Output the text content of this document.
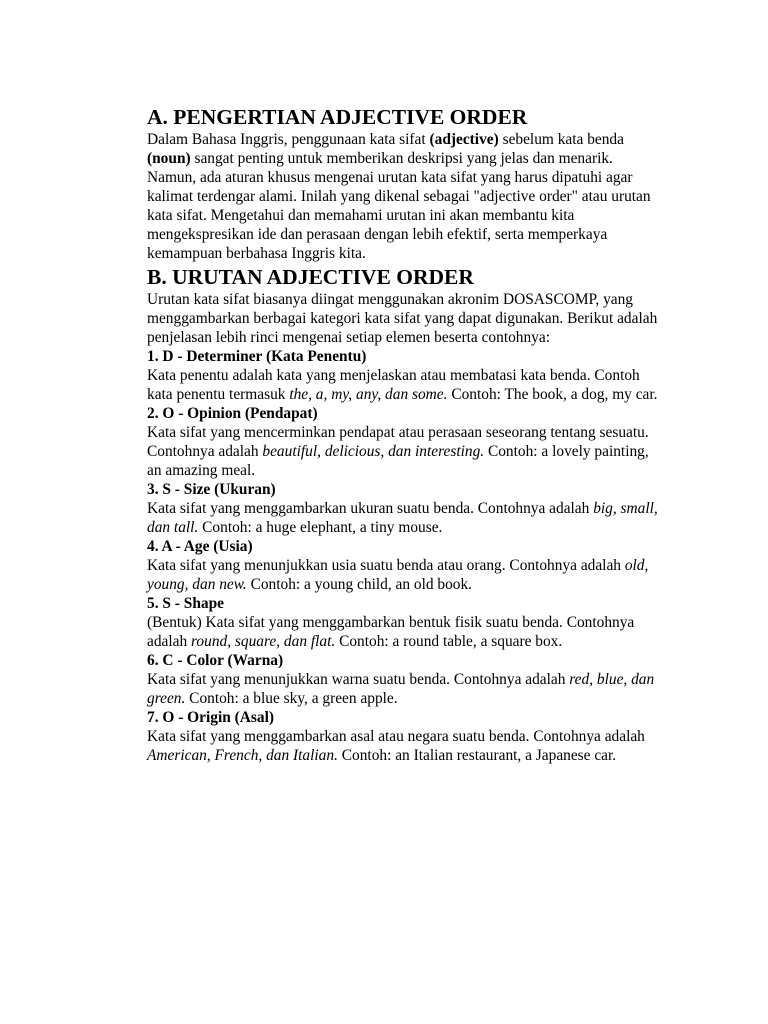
A. PENGERTIAN ADJECTIVE ORDER

Dalam Bahasa Inggris, penggunaan kata sifat (adjective) sebelum kata benda (noun) sangat penting untuk memberikan deskripsi yang jelas dan menarik. Namun, ada aturan khusus mengenai urutan kata sifat yang harus dipatuhi agar kalimat terdengar alami. Inilah yang dikenal sebagai "adjective order" atau urutan kata sifat. Mengetahui dan memahami urutan ini akan membantu kita mengekspresikan ide dan perasaan dengan lebih efektif, serta memperkaya kemampuan berbahasa Inggris kita.

B. URUTAN ADJECTIVE ORDER

Urutan kata sifat biasanya diingat menggunakan akronim DOSASCOMP, yang menggambarkan berbagai kategori kata sifat yang dapat digunakan. Berikut adalah penjelasan lebih rinci mengenai setiap elemen beserta contohnya:

1. D - Determiner (Kata Penentu)

Kata penentu adalah kata yang menjelaskan atau membatasi kata benda. Contoh kata penentu termasuk the, a, my, any, dan some. Contoh: The book, a dog, my car.

2. O - Opinion (Pendapat)

Kata sifat yang mencerminkan pendapat atau perasaan seseorang tentang sesuatu. Contohnya adalah beautiful, delicious, dan interesting. Contoh: a lovely painting, an amazing meal.

3. S - Size (Ukuran)

Kata sifat yang menggambarkan ukuran suatu benda. Contohnya adalah big, small, dan tall. Contoh: a huge elephant, a tiny mouse.

4. A - Age (Usia)

Kata sifat yang menunjukkan usia suatu benda atau orang. Contohnya adalah old, young, dan new. Contoh: a young child, an old book.

5. S - Shape

(Bentuk) Kata sifat yang menggambarkan bentuk fisik suatu benda. Contohnya adalah round, square, dan flat. Contoh: a round table, a square box.

6. C - Color (Warna)

Kata sifat yang menunjukkan warna suatu benda. Contohnya adalah red, blue, dan green. Contoh: a blue sky, a green apple.

7. O - Origin (Asal)

Kata sifat yang menggambarkan asal atau negara suatu benda. Contohnya adalah American, French, dan Italian. Contoh: an Italian restaurant, a Japanese car.
